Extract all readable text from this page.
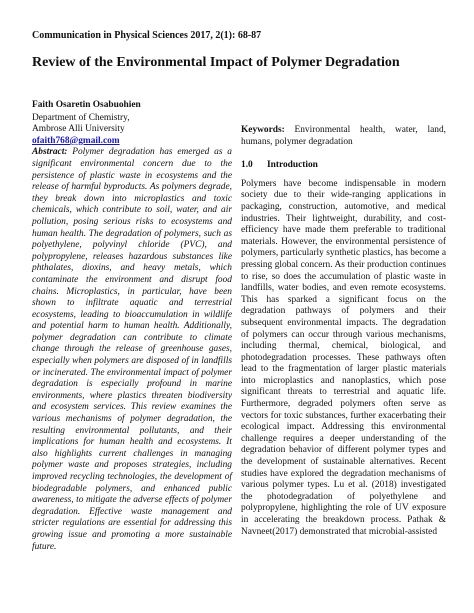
Communication in Physical Sciences 2017, 2(1): 68-87
Review of the Environmental Impact of Polymer Degradation
Faith Osaretin Osabuohien
Department of Chemistry,
Ambrose Alli University
ofaith768@gmail.com
Abstract: Polymer degradation has emerged as a significant environmental concern due to the persistence of plastic waste in ecosystems and the release of harmful byproducts. As polymers degrade, they break down into microplastics and toxic chemicals, which contribute to soil, water, and air pollution, posing serious risks to ecosystems and human health. The degradation of polymers, such as polyethylene, polyvinyl chloride (PVC), and polypropylene, releases hazardous substances like phthalates, dioxins, and heavy metals, which contaminate the environment and disrupt food chains. Microplastics, in particular, have been shown to infiltrate aquatic and terrestrial ecosystems, leading to bioaccumulation in wildlife and potential harm to human health. Additionally, polymer degradation can contribute to climate change through the release of greenhouse gases, especially when polymers are disposed of in landfills or incinerated. The environmental impact of polymer degradation is especially profound in marine environments, where plastics threaten biodiversity and ecosystem services. This review examines the various mechanisms of polymer degradation, the resulting environmental pollutants, and their implications for human health and ecosystems. It also highlights current challenges in managing polymer waste and proposes strategies, including improved recycling technologies, the development of biodegradable polymers, and enhanced public awareness, to mitigate the adverse effects of polymer degradation. Effective waste management and stricter regulations are essential for addressing this growing issue and promoting a more sustainable future.
Keywords: Environmental health, water, land, humans, polymer degradation
1.0	Introduction
Polymers have become indispensable in modern society due to their wide-ranging applications in packaging, construction, automotive, and medical industries. Their lightweight, durability, and cost-efficiency have made them preferable to traditional materials. However, the environmental persistence of polymers, particularly synthetic plastics, has become a pressing global concern. As their production continues to rise, so does the accumulation of plastic waste in landfills, water bodies, and even remote ecosystems. This has sparked a significant focus on the degradation pathways of polymers and their subsequent environmental impacts. The degradation of polymers can occur through various mechanisms, including thermal, chemical, biological, and photodegradation processes. These pathways often lead to the fragmentation of larger plastic materials into microplastics and nanoplastics, which pose significant threats to terrestrial and aquatic life. Furthermore, degraded polymers often serve as vectors for toxic substances, further exacerbating their ecological impact. Addressing this environmental challenge requires a deeper understanding of the degradation behavior of different polymer types and the development of sustainable alternatives. Recent studies have explored the degradation mechanisms of various polymer types. Lu et al. (2018) investigated the photodegradation of polyethylene and polypropylene, highlighting the role of UV exposure in accelerating the breakdown process. Pathak & Navneet(2017) demonstrated that microbial-assisted
